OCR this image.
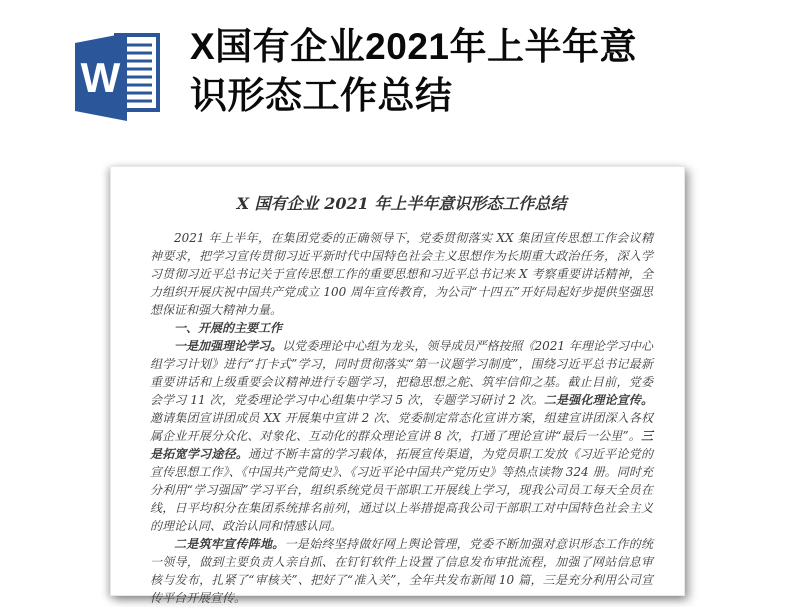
W
X国有企业2021年上半年意识形态工作总结
X 国有企业 2021 年上半年意识形态工作总结

2021 年上半年，在集团党委的正确领导下，党委贯彻落实 XX 集团宣传思想工作会议精神要求，把学习宣传贯彻习近平新时代中国特色社会主义思想作为长期重大政治任务，深入学习贯彻习近平总书记关于宣传思想工作的重要思想和习近平总书记来 X 考察重要讲话精神，全力组织开展庆祝中国共产党成立 100 周年宣传教育，为公司“十四五”开好局起好步提供坚强思想保证和强大精神力量。

一、开展的主要工作

一是加强理论学习。以党委理论中心组为龙头，领导成员严格按照《2021 年理论学习中心组学习计划》进行“打卡式”学习，同时贯彻落实“第一议题学习制度”，围绕习近平总书记最新重要讲话和上级重要会议精神进行专题学习，把稳思想之舵、筑牢信仰之基。截止目前，党委会学习 11 次，党委理论学习中心组集中学习 5 次，专题学习研讨 2 次。二是强化理论宣传。邀请集团宣讲团成员 XX 开展集中宣讲 2 次、党委制定常态化宣讲方案，组建宣讲团深入各权属企业开展分众化、对象化、互动化的群众理论宣讲 8 次，打通了理论宣讲“最后一公里”。三是拓宽学习途径。通过不断丰富的学习载体，拓展宣传渠道，为党员职工发放《习近平论党的宣传思想工作》、《中国共产党简史》、《习近平论中国共产党历史》等热点读物 324 册。同时充分利用“学习强国”学习平台，组织系统党员干部职工开展线上学习，现我公司员工每天全员在线，日平均积分在集团系统排名前列，通过以上举措提高我公司干部职工对中国特色社会主义的理论认同、政治认同和情感认同。

二是筑牢宣传阵地。一是始终坚持做好网上舆论管理，党委不断加强对意识形态工作的统一领导，做到主要负责人亲自抓、在钉钉软件上设置了信息发布审批流程，加强了网站信息审核与发布，扎紧了“审核关”、把好了“准入关”，全年共发布新闻 10 篇，三是充分利用公司宣传平台开展宣传。
